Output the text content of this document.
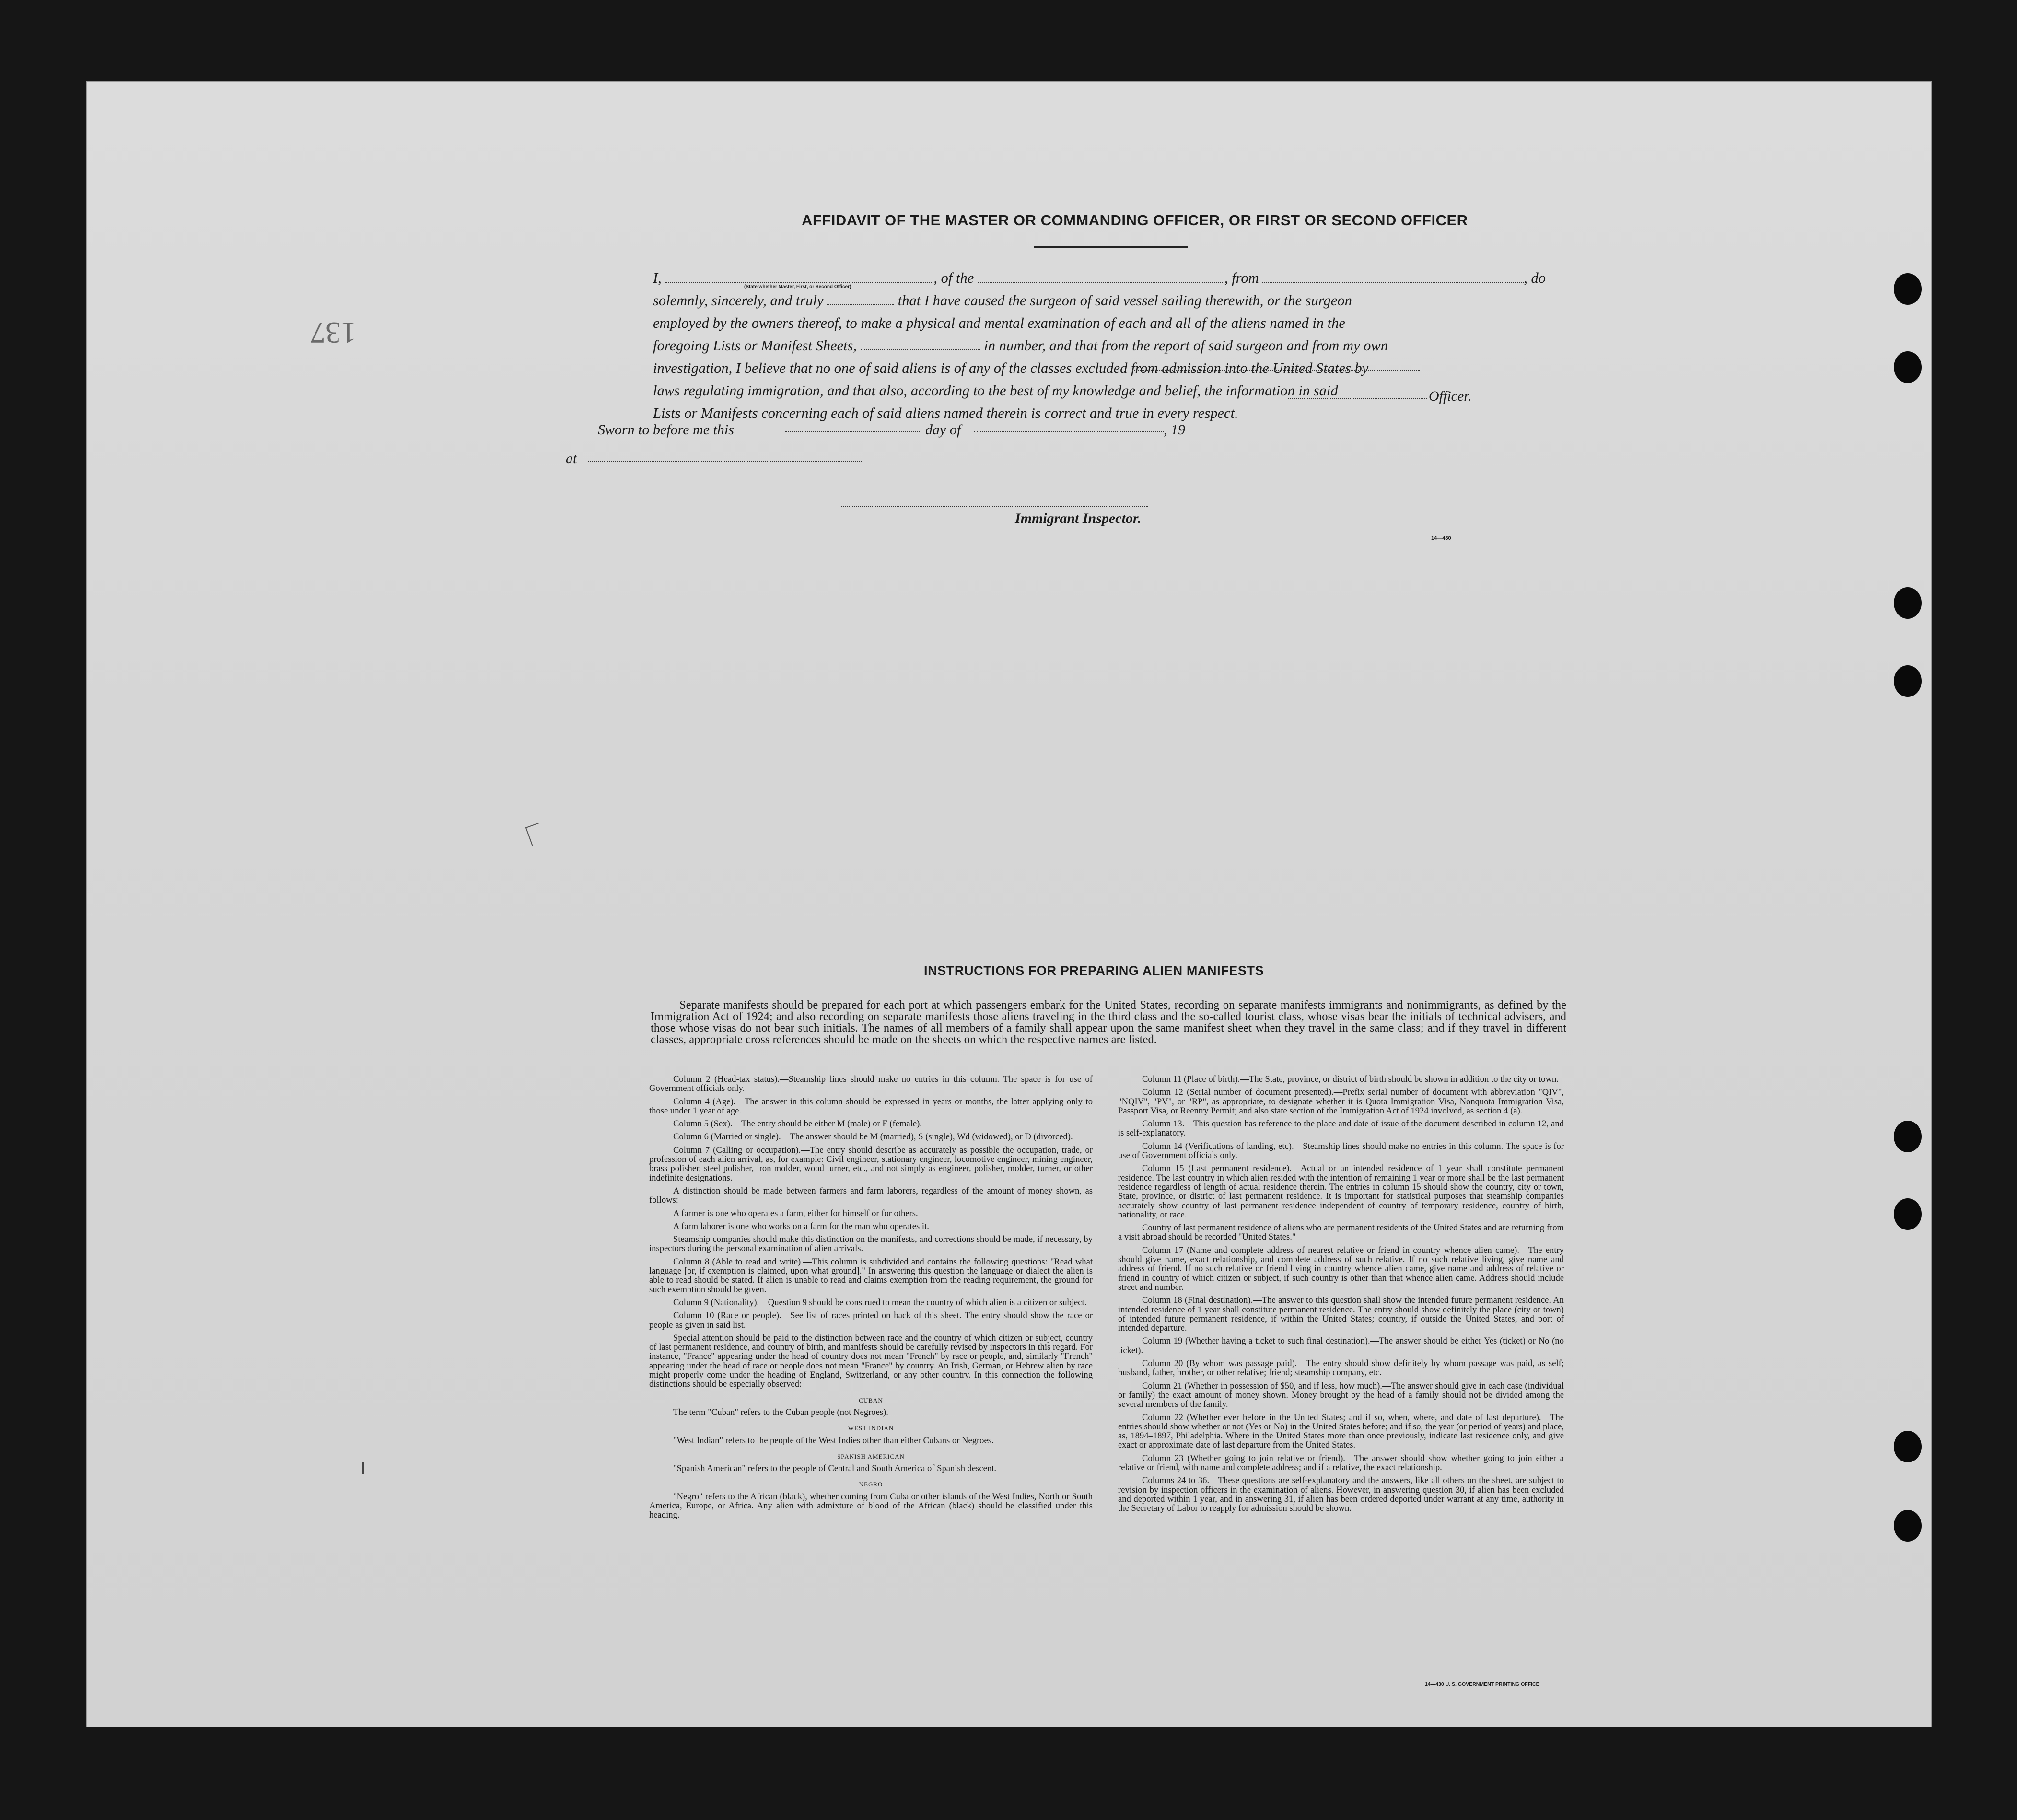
137
AFFIDAVIT OF THE MASTER OR COMMANDING OFFICER, OR FIRST OR SECOND OFFICER
I,	, of the	, from	, do
solemnly, sincerely, and truly	that I have caused the surgeon of said vessel sailing therewith, or the surgeon
employed by the owners thereof, to make a physical and mental examination of each and all of the aliens named in the
foregoing Lists or Manifest Sheets,	in number, and that from the report of said surgeon and from my own
investigation, I believe that no one of said aliens is of any of the classes excluded from admission into the United States by
laws regulating immigration, and that also, according to the best of my knowledge and belief, the information in said
Lists or Manifests concerning each of said aliens named therein is correct and true in every respect.
(State whether Master, First, or Second Officer)
Officer.
Sworn to before me this	day of	, 19
at
Immigrant Inspector.
14—430
INSTRUCTIONS FOR PREPARING ALIEN MANIFESTS
Separate manifests should be prepared for each port at which passengers embark for the United States, recording on separate manifests immigrants and nonimmigrants, as defined by the Immigration Act of 1924; and also recording on separate manifests those aliens traveling in the third class and the so-called tourist class, whose visas bear the initials of technical advisers, and those whose visas do not bear such initials. The names of all members of a family shall appear upon the same manifest sheet when they travel in the same class; and if they travel in different classes, appropriate cross references should be made on the sheets on which the respective names are listed.

Column 2 (Head-tax status).—Steamship lines should make no entries in this column. The space is for use of Government officials only.

Column 4 (Age).—The answer in this column should be expressed in years or months, the latter applying only to those under 1 year of age.

Column 5 (Sex).—The entry should be either M (male) or F (female).

Column 6 (Married or single).—The answer should be M (married), S (single), Wd (widowed), or D (divorced).

Column 7 (Calling or occupation).—The entry should describe as accurately as possible the occupation, trade, or profession of each alien arrival, as, for example: Civil engineer, stationary engineer, locomotive engineer, mining engineer, brass polisher, steel polisher, iron molder, wood turner, etc., and not simply as engineer, polisher, molder, turner, or other indefinite designations.

A distinction should be made between farmers and farm laborers, regardless of the amount of money shown, as follows:

A farmer is one who operates a farm, either for himself or for others.

A farm laborer is one who works on a farm for the man who operates it.

Steamship companies should make this distinction on the manifests, and corrections should be made, if necessary, by inspectors during the personal examination of alien arrivals.

Column 8 (Able to read and write).—This column is subdivided and contains the following questions: "Read what language [or, if exemption is claimed, upon what ground]." In answering this question the language or dialect the alien is able to read should be stated. If alien is unable to read and claims exemption from the reading requirement, the ground for such exemption should be given.

Column 9 (Nationality).—Question 9 should be construed to mean the country of which alien is a citizen or subject.

Column 10 (Race or people).—See list of races printed on back of this sheet. The entry should show the race or people as given in said list.

Special attention should be paid to the distinction between race and the country of which citizen or subject, country of last permanent residence, and country of birth, and manifests should be carefully revised by inspectors in this regard. For instance, "France" appearing under the head of country does not mean "French" by race or people, and, similarly "French" appearing under the head of race or people does not mean "France" by country. An Irish, German, or Hebrew alien by race might properly come under the heading of England, Switzerland, or any other country. In this connection the following distinctions should be especially observed:

CUBAN

The term "Cuban" refers to the Cuban people (not Negroes).

WEST INDIAN

"West Indian" refers to the people of the West Indies other than either Cubans or Negroes.

SPANISH AMERICAN

"Spanish American" refers to the people of Central and South America of Spanish descent.

NEGRO

"Negro" refers to the African (black), whether coming from Cuba or other islands of the West Indies, North or South America, Europe, or Africa. Any alien with admixture of blood of the African (black) should be classified under this heading.

Column 11 (Place of birth).—The State, province, or district of birth should be shown in addition to the city or town.

Column 12 (Serial number of document presented).—Prefix serial number of document with abbreviation "QIV", "NQIV", "PV", or "RP", as appropriate, to designate whether it is Quota Immigration Visa, Nonquota Immigration Visa, Passport Visa, or Reentry Permit; and also state section of the Immigration Act of 1924 involved, as section 4 (a).

Column 13.—This question has reference to the place and date of issue of the document described in column 12, and is self-explanatory.

Column 14 (Verifications of landing, etc).—Steamship lines should make no entries in this column. The space is for use of Government officials only.

Column 15 (Last permanent residence).—Actual or an intended residence of 1 year shall constitute permanent residence. The last country in which alien resided with the intention of remaining 1 year or more shall be the last permanent residence regardless of length of actual residence therein. The entries in column 15 should show the country, city or town, State, province, or district of last permanent residence. It is important for statistical purposes that steamship companies accurately show country of last permanent residence independent of country of temporary residence, country of birth, nationality, or race.

Country of last permanent residence of aliens who are permanent residents of the United States and are returning from a visit abroad should be recorded "United States."

Column 17 (Name and complete address of nearest relative or friend in country whence alien came).—The entry should give name, exact relationship, and complete address of such relative. If no such relative living, give name and address of friend. If no such relative or friend living in country whence alien came, give name and address of relative or friend in country of which citizen or subject, if such country is other than that whence alien came. Address should include street and number.

Column 18 (Final destination).—The answer to this question shall show the intended future permanent residence. An intended residence of 1 year shall constitute permanent residence. The entry should show definitely the place (city or town) of intended future permanent residence, if within the United States; country, if outside the United States, and port of intended departure.

Column 19 (Whether having a ticket to such final destination).—The answer should be either Yes (ticket) or No (no ticket).

Column 20 (By whom was passage paid).—The entry should show definitely by whom passage was paid, as self; husband, father, brother, or other relative; friend; steamship company, etc.

Column 21 (Whether in possession of $50, and if less, how much).—The answer should give in each case (individual or family) the exact amount of money shown. Money brought by the head of a family should not be divided among the several members of the family.

Column 22 (Whether ever before in the United States; and if so, when, where, and date of last departure).—The entries should show whether or not (Yes or No) in the United States before; and if so, the year (or period of years) and place, as, 1894–1897, Philadelphia. Where in the United States more than once previously, indicate last residence only, and give exact or approximate date of last departure from the United States.

Column 23 (Whether going to join relative or friend).—The answer should show whether going to join either a relative or friend, with name and complete address; and if a relative, the exact relationship.

Columns 24 to 36.—These questions are self-explanatory and the answers, like all others on the sheet, are subject to revision by inspection officers in the examination of aliens. However, in answering question 30, if alien has been excluded and deported within 1 year, and in answering 31, if alien has been ordered deported under warrant at any time, authority in the Secretary of Labor to reapply for admission should be shown.

14—430 U. S. GOVERNMENT PRINTING OFFICE
